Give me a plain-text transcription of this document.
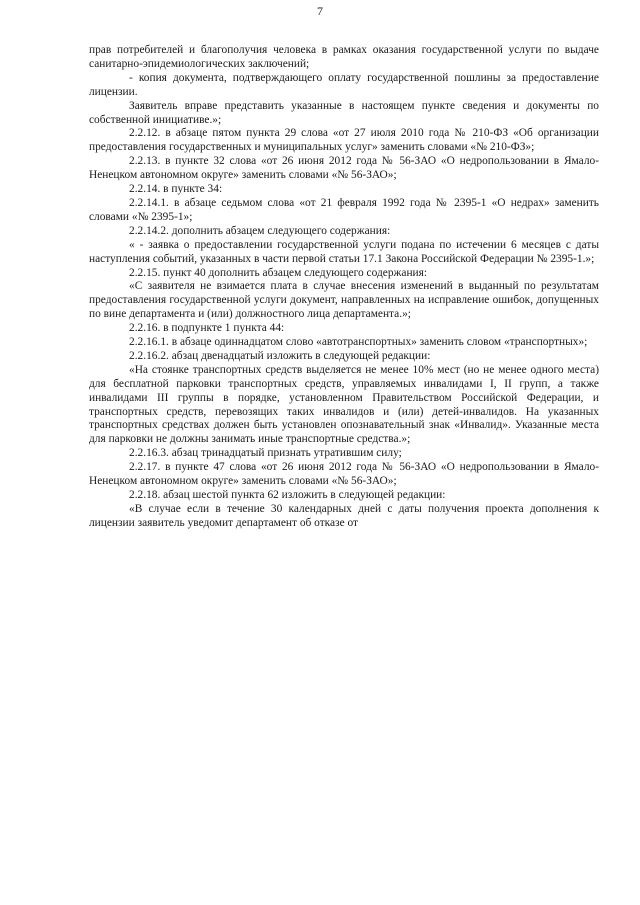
7

прав потребителей и благополучия человека в рамках оказания государственной услуги по выдаче санитарно-эпидемиологических заключений;

- копия документа, подтверждающего оплату государственной пошлины за предоставление лицензии.

Заявитель вправе представить указанные в настоящем пункте сведения и документы по собственной инициативе.»;

2.2.12. в абзаце пятом пункта 29 слова «от 27 июля 2010 года № 210-ФЗ «Об организации предоставления государственных и муниципальных услуг» заменить словами «№ 210-ФЗ»;

2.2.13. в пункте 32 слова «от 26 июня 2012 года № 56-ЗАО «О недропользовании в Ямало-Ненецком автономном округе» заменить словами «№ 56-ЗАО»;

2.2.14. в пункте 34:

2.2.14.1. в абзаце седьмом слова «от 21 февраля 1992 года № 2395-1 «О недрах» заменить словами «№ 2395-1»;

2.2.14.2. дополнить абзацем следующего содержания:

« - заявка о предоставлении государственной услуги подана по истечении 6 месяцев с даты наступления событий, указанных в части первой статьи 17.1 Закона Российской Федерации № 2395-1.»;

2.2.15. пункт 40 дополнить абзацем следующего содержания:

«С заявителя не взимается плата в случае внесения изменений в выданный по результатам предоставления государственной услуги документ, направленных на исправление ошибок, допущенных по вине департамента и (или) должностного лица департамента.»;

2.2.16. в подпункте 1 пункта 44:

2.2.16.1. в абзаце одиннадцатом слово «автотранспортных» заменить словом «транспортных»;

2.2.16.2. абзац двенадцатый изложить в следующей редакции:

«На стоянке транспортных средств выделяется не менее 10% мест (но не менее одного места) для бесплатной парковки транспортных средств, управляемых инвалидами I, II групп, а также инвалидами III группы в порядке, установленном Правительством Российской Федерации, и транспортных средств, перевозящих таких инвалидов и (или) детей-инвалидов. На указанных транспортных средствах должен быть установлен опознавательный знак «Инвалид». Указанные места для парковки не должны занимать иные транспортные средства.»;

2.2.16.3. абзац тринадцатый признать утратившим силу;

2.2.17. в пункте 47 слова «от 26 июня 2012 года № 56-ЗАО «О недропользовании в Ямало-Ненецком автономном округе» заменить словами «№ 56-ЗАО»;

2.2.18. абзац шестой пункта 62 изложить в следующей редакции:

«В случае если в течение 30 календарных дней с даты получения проекта дополнения к лицензии заявитель уведомит департамент об отказе от
